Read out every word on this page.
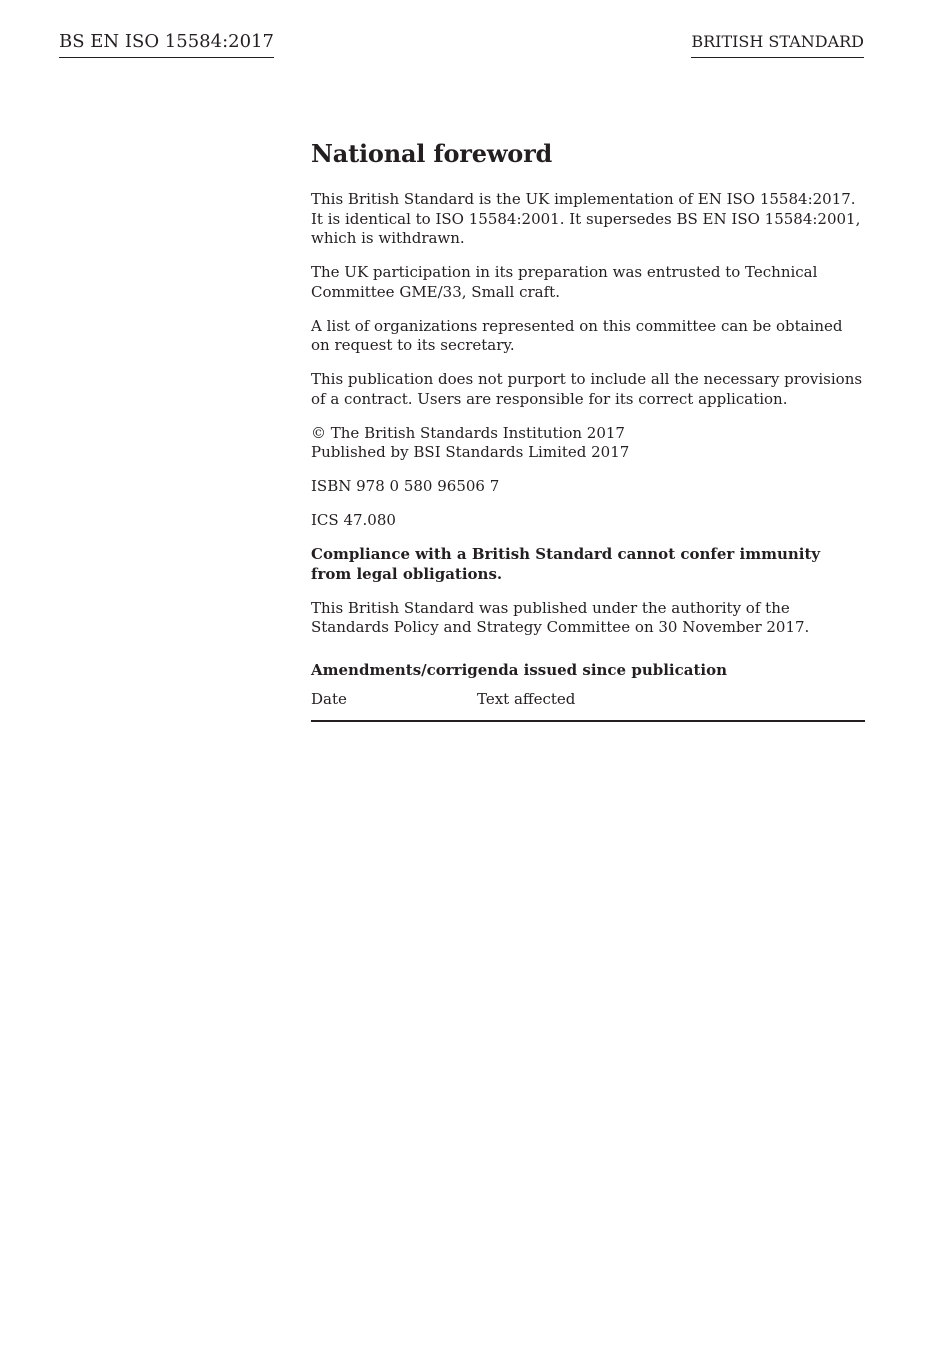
BS EN ISO 15584:2017	BRITISH STANDARD
National foreword

This British Standard is the UK implementation of EN ISO 15584:2017. It is identical to ISO 15584:2001. It supersedes BS EN ISO 15584:2001, which is withdrawn.

The UK participation in its preparation was entrusted to Technical Committee GME/33, Small craft.

A list of organizations represented on this committee can be obtained on request to its secretary.

This publication does not purport to include all the necessary provisions of a contract. Users are responsible for its correct application.

© The British Standards Institution 2017
Published by BSI Standards Limited 2017

ISBN 978 0 580 96506 7

ICS 47.080

Compliance with a British Standard cannot confer immunity from legal obligations.

This British Standard was published under the authority of the Standards Policy and Strategy Committee on 30 November 2017.

Amendments/corrigenda issued since publication
Date	Text affected
